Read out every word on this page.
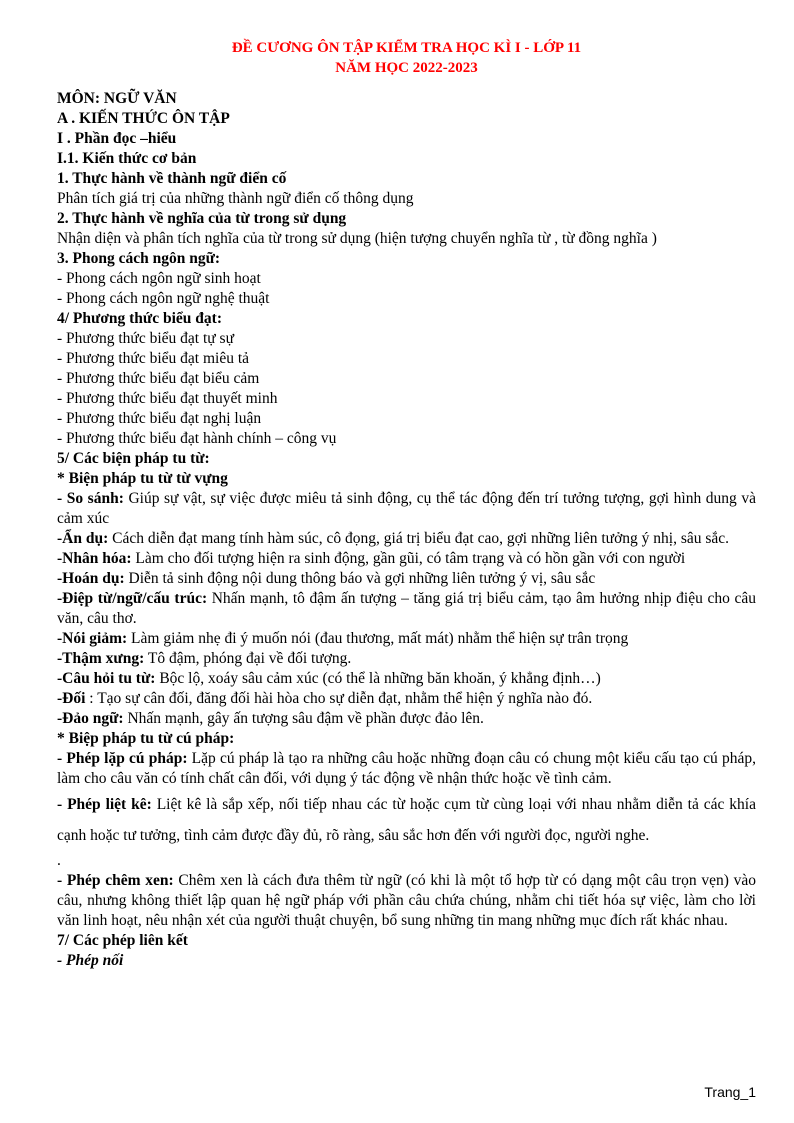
ĐỀ CƯƠNG ÔN TẬP KIỂM TRA HỌC KÌ I - LỚP 11
NĂM HỌC 2022-2023
MÔN: NGỮ VĂN
A . KIẾN THỨC ÔN TẬP
I . Phần đọc –hiểu
I.1. Kiến thức cơ bản
1. Thực hành về thành ngữ điển cố
Phân tích giá trị của những thành ngữ điển cố thông dụng
2. Thực hành về nghĩa của từ trong sử dụng
Nhận diện và phân tích nghĩa của từ trong sử dụng (hiện tượng chuyển nghĩa từ , từ đồng nghĩa )
3. Phong cách ngôn ngữ:
- Phong cách ngôn ngữ sinh hoạt
- Phong cách ngôn ngữ nghệ thuật
4/ Phương thức biểu đạt:
- Phương thức biểu đạt tự sự
- Phương thức biểu đạt miêu tả
- Phương thức biểu đạt biểu cảm
- Phương thức biểu đạt thuyết minh
- Phương thức biểu đạt nghị luận
- Phương thức biểu đạt hành chính – công vụ
5/ Các biện pháp tu từ:
* Biện pháp tu từ từ vựng
- So sánh: Giúp sự vật, sự việc được miêu tả sinh động, cụ thể tác động đến trí tưởng tượng, gợi hình dung và cảm xúc
-Ẩn dụ: Cách diễn đạt mang tính hàm súc, cô đọng, giá trị biểu đạt cao, gợi những liên tưởng ý nhị, sâu sắc.
-Nhân hóa: Làm cho đối tượng hiện ra sinh động, gần gũi, có tâm trạng và có hồn gần với con người
-Hoán dụ: Diễn tả sinh động nội dung thông báo và gợi những liên tưởng ý vị, sâu sắc
-Điệp từ/ngữ/cấu trúc: Nhấn mạnh, tô đậm ấn tượng – tăng giá trị biểu cảm, tạo âm hưởng nhịp điệu cho câu văn, câu thơ.
-Nói giảm: Làm giảm nhẹ đi ý muốn nói (đau thương, mất mát) nhằm thể hiện sự trân trọng
-Thậm xưng: Tô đậm, phóng đại về đối tượng.
-Câu hỏi tu từ: Bộc lộ, xoáy sâu cảm xúc (có thể là những băn khoăn, ý khẳng định…)
-Đối : Tạo sự cân đối, đăng đối hài hòa cho sự diễn đạt, nhằm thể hiện ý nghĩa nào đó.
-Đảo ngữ: Nhấn mạnh, gây ấn tượng sâu đậm về phần được đảo lên.
* Biệp pháp tu từ cú pháp:
- Phép lặp cú pháp: Lặp cú pháp là tạo ra những câu hoặc những đoạn câu có chung một kiểu cấu tạo cú pháp, làm cho câu văn có tính chất cân đối, với dụng ý tác động về nhận thức hoặc về tình cảm.
- Phép liệt kê: Liệt kê là sắp xếp, nối tiếp nhau các từ hoặc cụm từ cùng loại với nhau nhằm diễn tả các khía cạnh hoặc tư tưởng, tình cảm được đầy đủ, rõ ràng, sâu sắc hơn đến với người đọc, người nghe.
.
- Phép chêm xen: Chêm xen là cách đưa thêm từ ngữ (có khi là một tổ hợp từ có dạng một câu trọn vẹn) vào câu, nhưng không thiết lập quan hệ ngữ pháp với phần câu chứa chúng, nhằm chi tiết hóa sự việc, làm cho lời văn linh hoạt, nêu nhận xét của người thuật chuyện, bổ sung những tin mang những mục đích rất khác nhau.
7/ Các phép liên kết
- Phép nối
Trang_1
